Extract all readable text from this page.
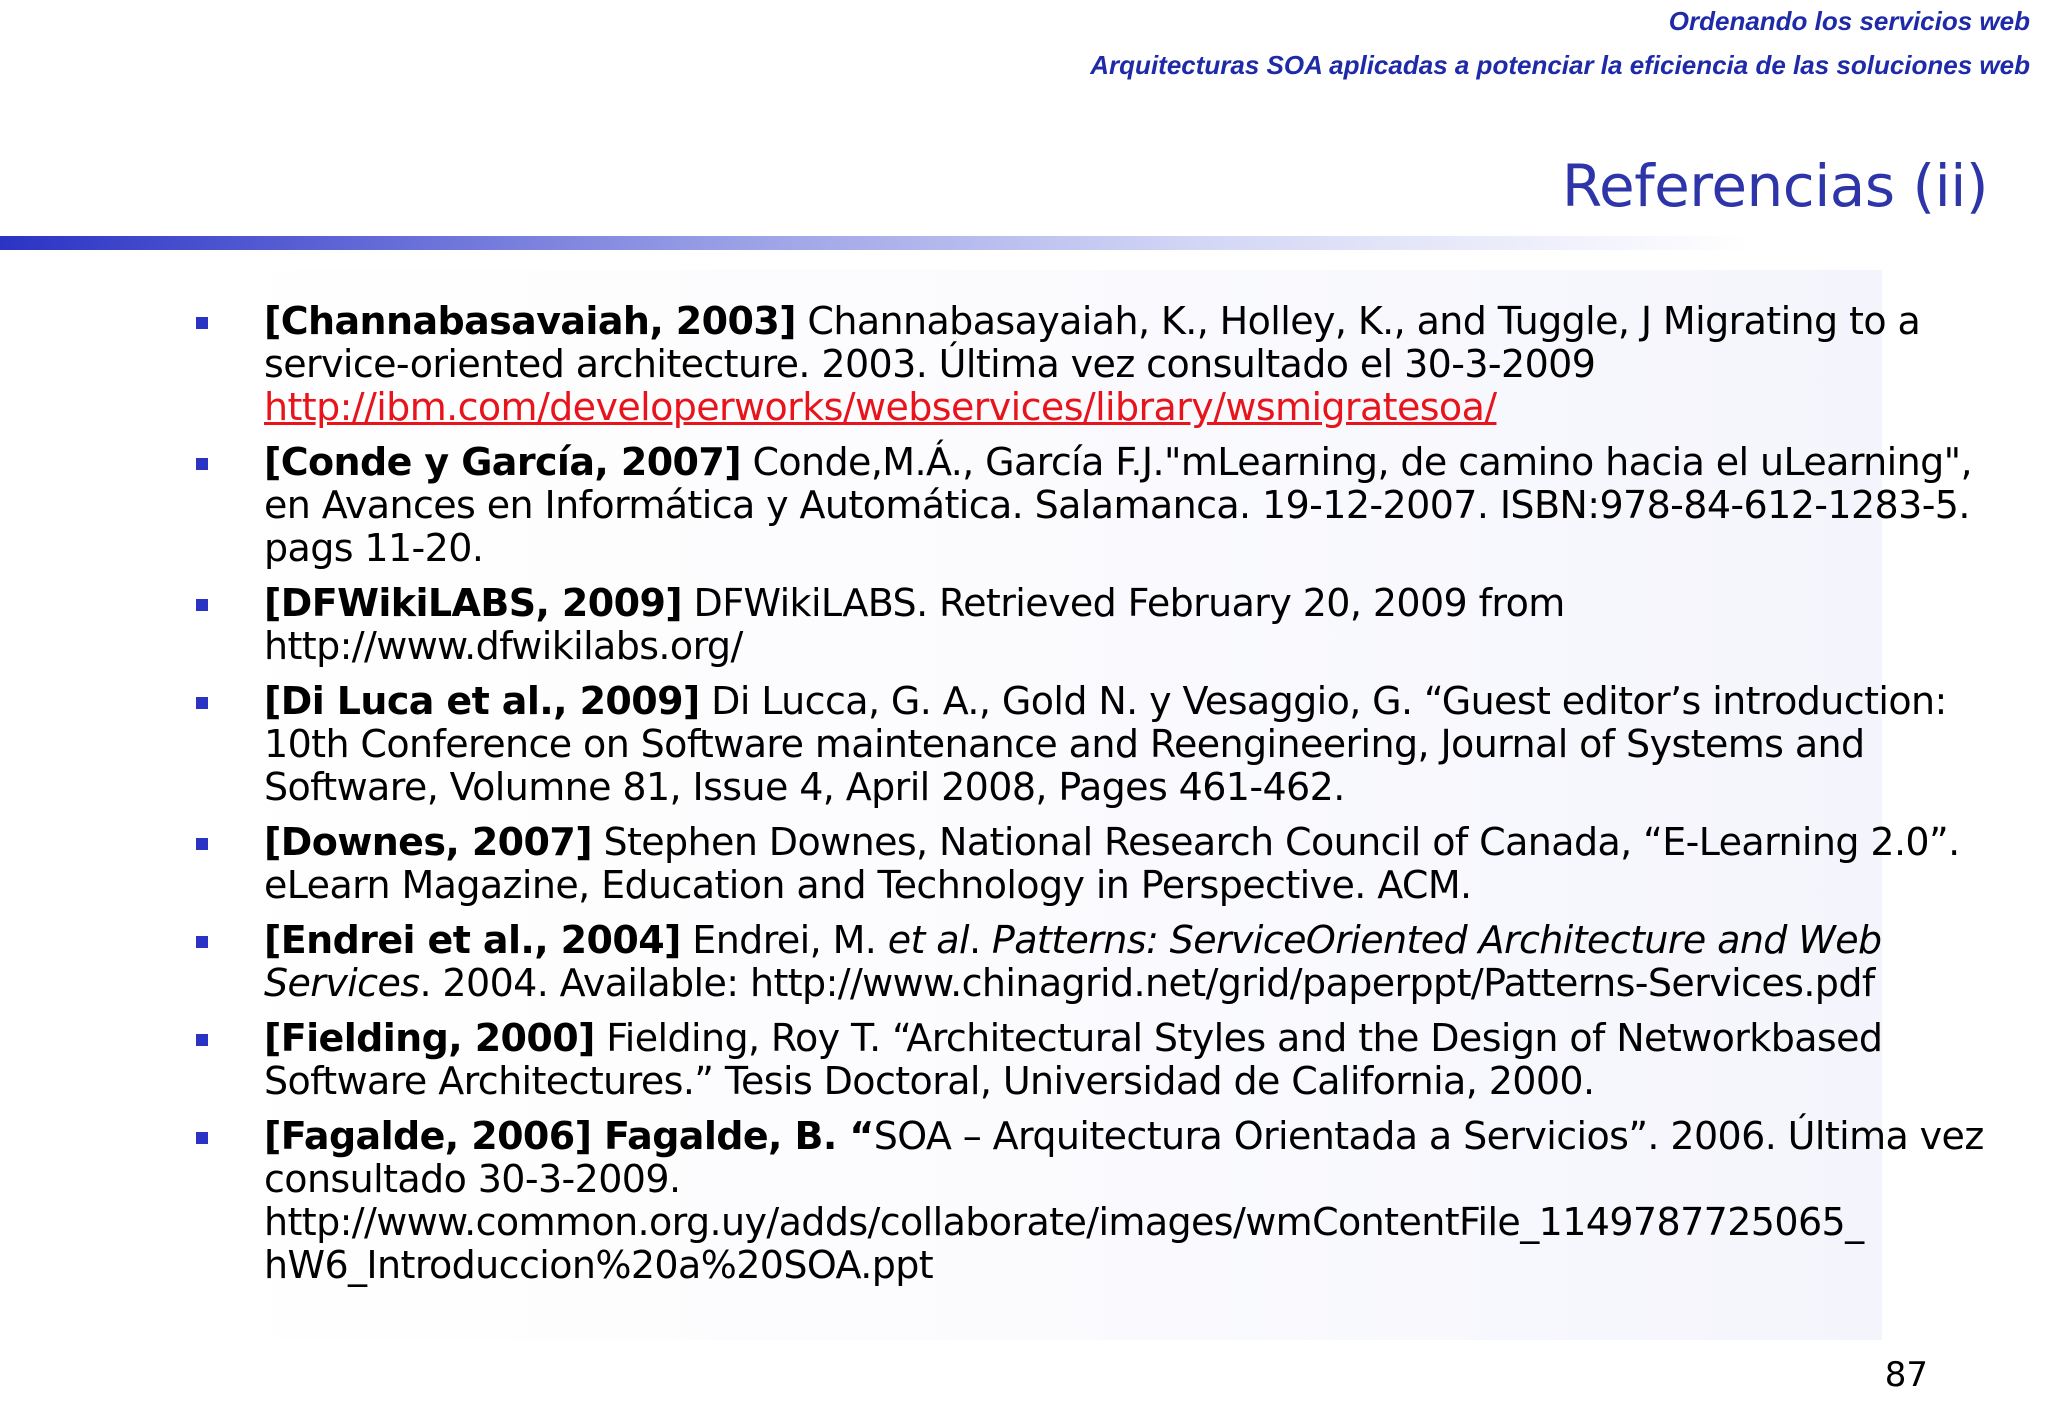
Ordenando los servicios web
Arquitecturas SOA aplicadas a potenciar la eficiencia de las soluciones web
Referencias (ii)
[Channabasavaiah, 2003] Channabasayaiah, K., Holley, K., and Tuggle, J Migrating to a service-oriented architecture. 2003. Última vez consultado el 30-3-2009 http://ibm.com/developerworks/webservices/library/wsmigratesoa/
[Conde y García, 2007] Conde,M.Á., García F.J."mLearning, de camino hacia el uLearning", en Avances en Informática y Automática. Salamanca. 19-12-2007. ISBN:978-84-612-1283-5. pags 11-20.
[DFWikiLABS, 2009] DFWikiLABS. Retrieved February 20, 2009 from http://www.dfwikilabs.org/
[Di Luca et al., 2009] Di Lucca, G. A., Gold N. y Vesaggio, G. “Guest editor’s introduction: 10th Conference on Software maintenance and Reengineering, Journal of Systems and Software, Volumne 81, Issue 4, April 2008, Pages 461-462.
[Downes, 2007] Stephen Downes, National Research Council of Canada, “E-Learning 2.0”. eLearn Magazine, Education and Technology in Perspective. ACM.
[Endrei et al., 2004] Endrei, M. et al. Patterns: ServiceOriented Architecture and Web Services. 2004. Available: http://www.chinagrid.net/grid/paperppt/Patterns-Services.pdf
[Fielding, 2000] Fielding, Roy T. “Architectural Styles and the Design of Networkbased Software Architectures.” Tesis Doctoral, Universidad de California, 2000.
[Fagalde, 2006] Fagalde, B. “SOA – Arquitectura Orientada a Servicios”. 2006. Última vez consultado 30-3-2009. http://www.common.org.uy/adds/collaborate/images/wmContentFile_1149787725065_ hW6_Introduccion%20a%20SOA.ppt
87
